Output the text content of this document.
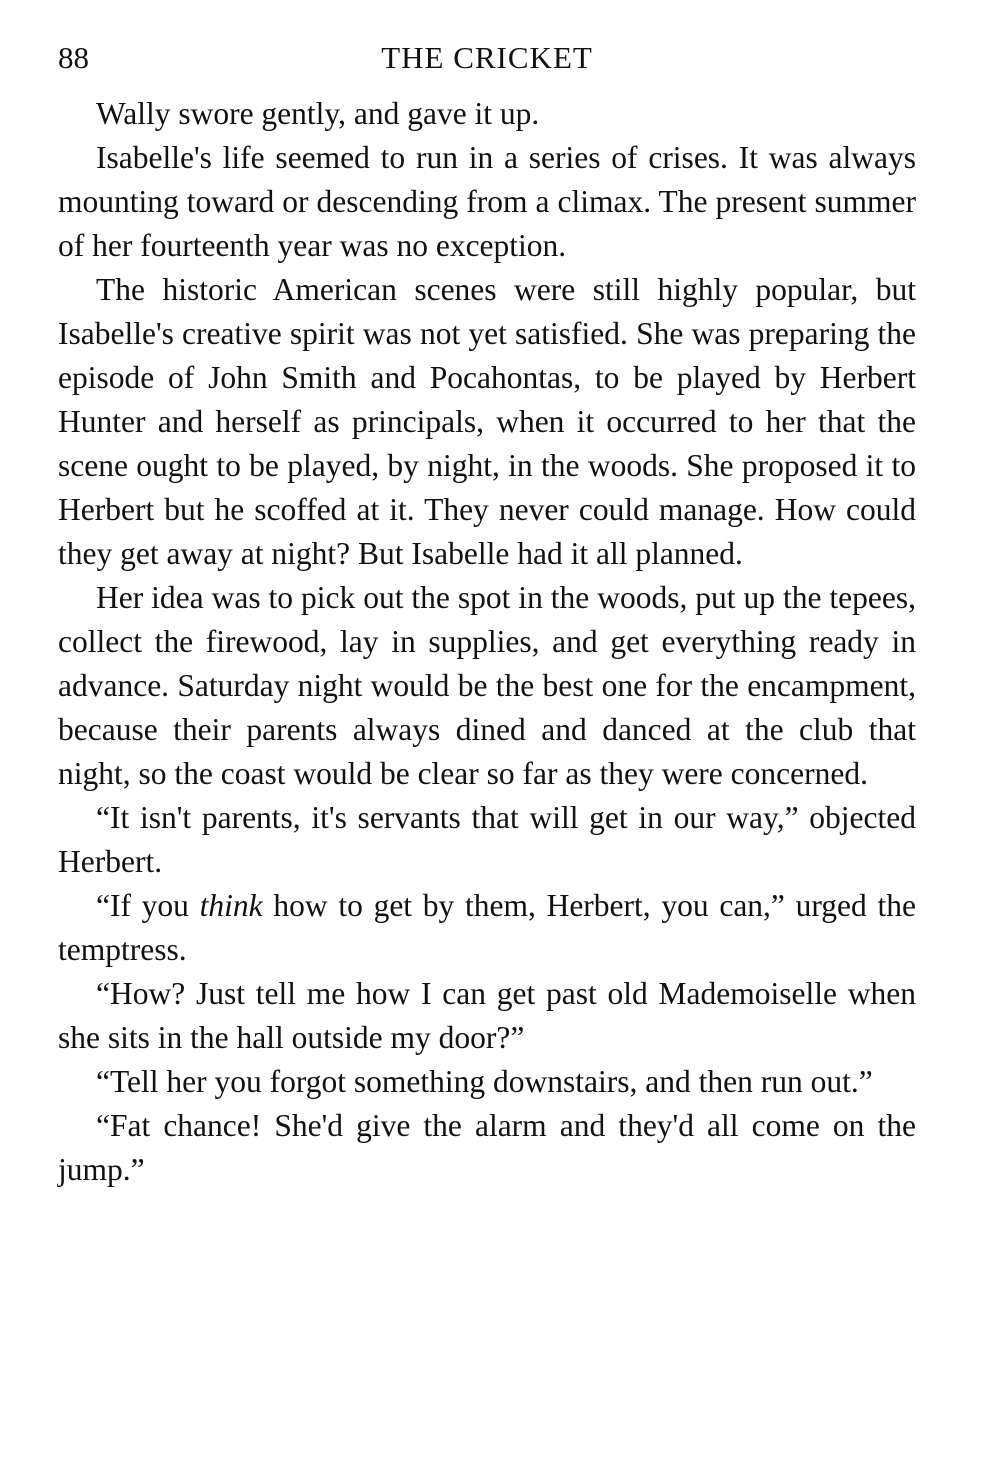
88	THE CRICKET

Wally swore gently, and gave it up.

Isabelle's life seemed to run in a series of crises. It was always mounting toward or descending from a climax. The present summer of her fourteenth year was no exception.

The historic American scenes were still highly popular, but Isabelle's creative spirit was not yet satisfied. She was preparing the episode of John Smith and Pocahontas, to be played by Herbert Hunter and herself as principals, when it occurred to her that the scene ought to be played, by night, in the woods. She proposed it to Herbert but he scoffed at it. They never could manage. How could they get away at night? But Isabelle had it all planned.

Her idea was to pick out the spot in the woods, put up the tepees, collect the firewood, lay in supplies, and get everything ready in advance. Saturday night would be the best one for the encampment, because their parents always dined and danced at the club that night, so the coast would be clear so far as they were concerned.

“It isn't parents, it's servants that will get in our way,” objected Herbert.

“If you think how to get by them, Herbert, you can,” urged the temptress.

“How? Just tell me how I can get past old Mademoiselle when she sits in the hall outside my door?”

“Tell her you forgot something downstairs, and then run out.”

“Fat chance! She'd give the alarm and they'd all come on the jump.”
